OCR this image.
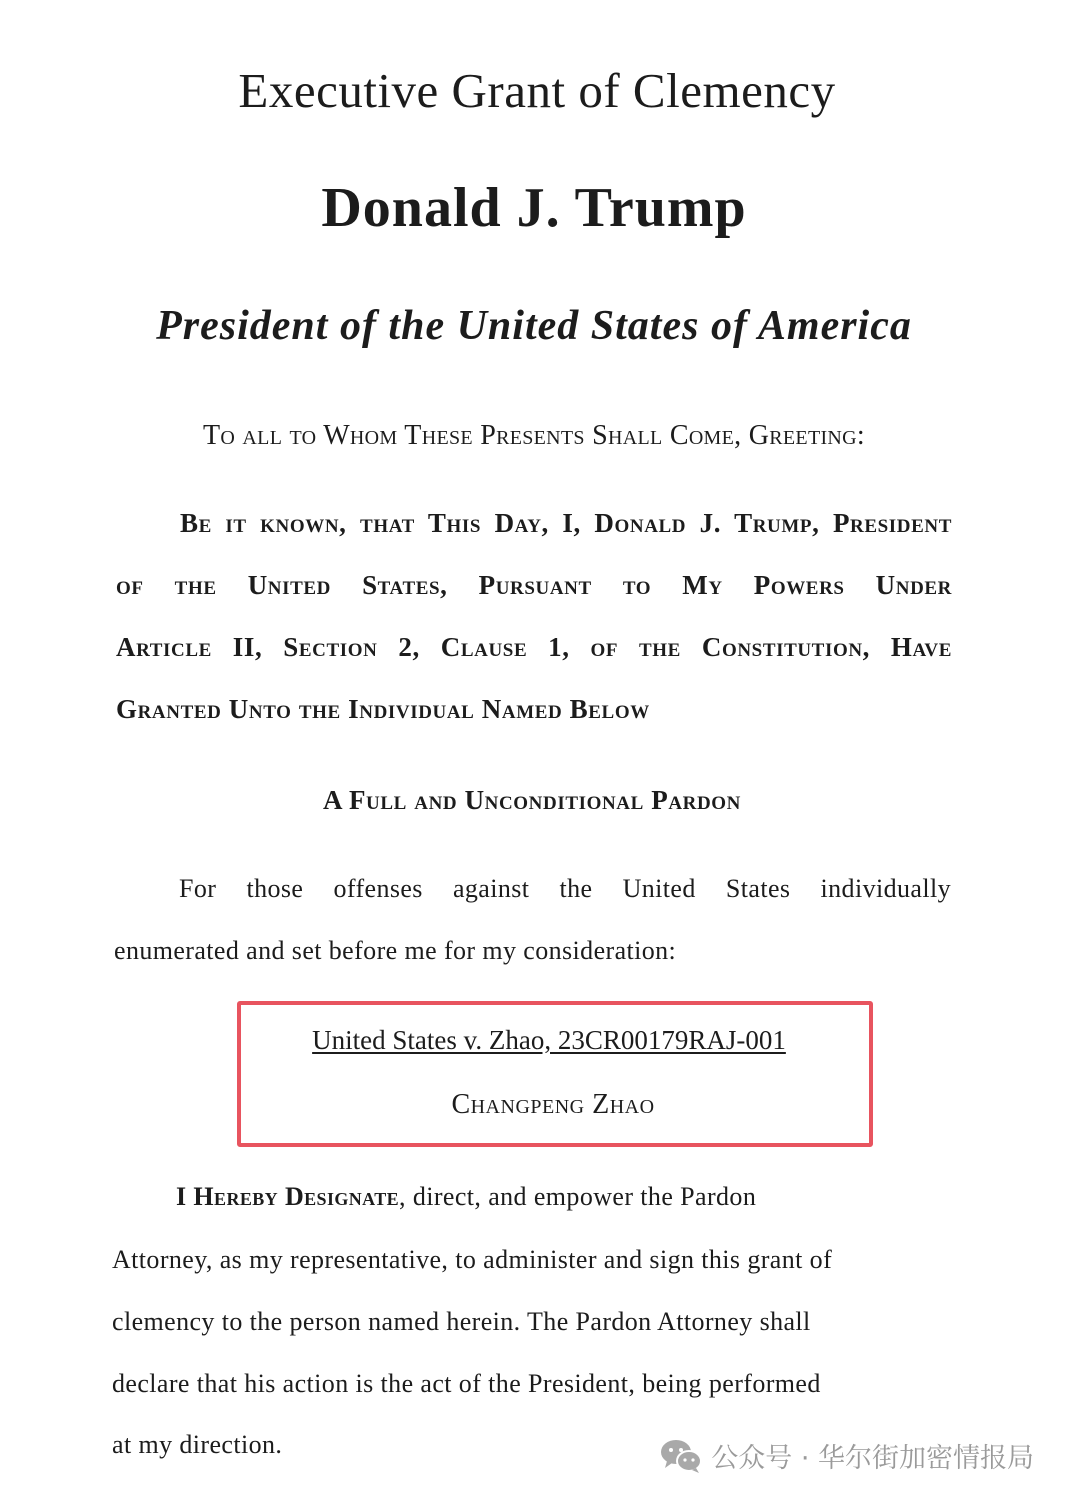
Executive Grant of Clemency
Donald J. Trump
President of the United States of America
To all to Whom These Presents Shall Come, Greeting:
Be it known, that This Day, I, Donald J. Trump, President
of the United States, Pursuant to My Powers Under
Article II, Section 2, Clause 1, of the Constitution, Have
Granted Unto the Individual Named Below
A Full and Unconditional Pardon
For those offenses against the United States individually
enumerated and set before me for my consideration:
United States v. Zhao, 23CR00179RAJ-001
Changpeng Zhao
I Hereby Designate, direct, and empower the Pardon
Attorney, as my representative, to administer and sign this grant of
clemency to the person named herein. The Pardon Attorney shall
declare that his action is the act of the President, being performed
at my direction.	公众号 · 华尔街加密情报局
